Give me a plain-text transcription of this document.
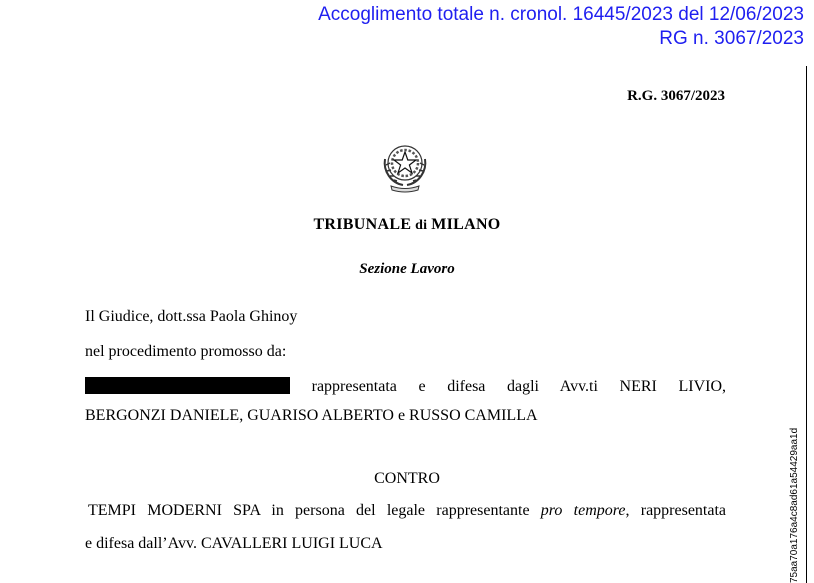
Accoglimento totale n. cronol. 16445/2023 del 12/06/2023
RG n. 3067/2023
R.G. 3067/2023
TRIBUNALE di MILANO
Sezione Lavoro
Il Giudice, dott.ssa Paola Ghinoy
nel procedimento promosso da:
rappresentata e difesa dagli Avv.ti NERI LIVIO,
BERGONZI DANIELE, GUARISO ALBERTO e RUSSO CAMILLA
CONTRO
TEMPI MODERNI SPA in persona del legale rappresentante pro tempore, rappresentata
e difesa dall’Avv. CAVALLERI LUIGI LUCA	75aa70a176a4c8ad61a54429aa1d
